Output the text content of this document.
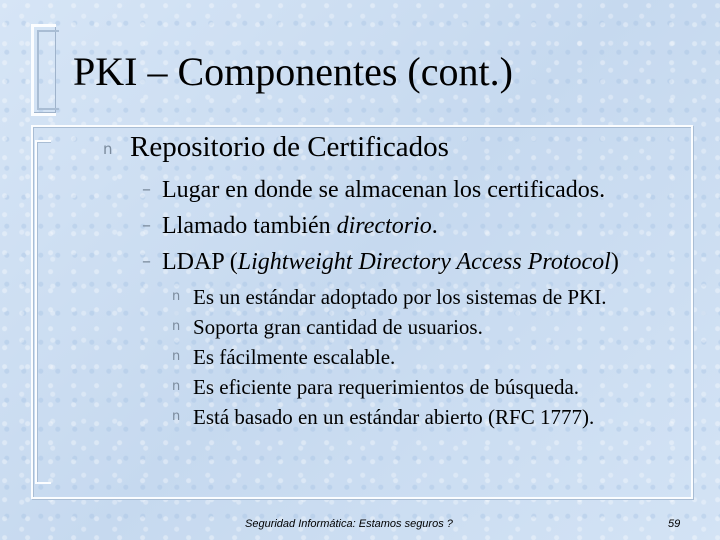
PKI – Componentes (cont.)
n Repositorio de Certificados
– Lugar en donde se almacenan los certificados.
– Llamado también directorio.
– LDAP (Lightweight Directory Access Protocol)
n Es un estándar adoptado por los sistemas de PKI.
n Soporta gran cantidad de usuarios.
n Es fácilmente escalable.
n Es eficiente para requerimientos de búsqueda.
n Está basado en un estándar abierto (RFC 1777).
Seguridad Informática: Estamos seguros ?	59
